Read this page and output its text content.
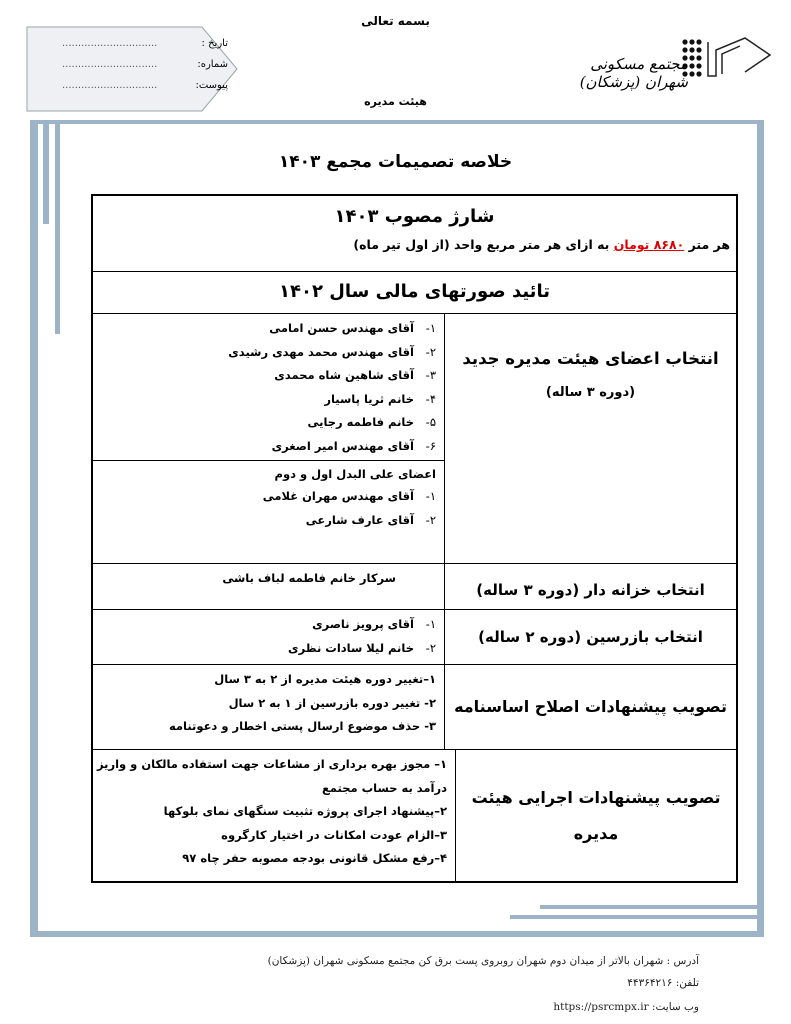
بسمه تعالی
هیئت مدیره
تاریخ :
..............................
شماره:
..............................
پیوست:
..............................
مجتمع مسکونی شهران (پزشکان)
خلاصه تصمیمات مجمع ۱۴۰۳
شارژ مصوب ۱۴۰۳
هر متر ۸۶۸۰ تومان به ازای هر متر مربع واحد (از اول تیر ماه)
تائید صورتهای مالی سال ۱۴۰۲
انتخاب اعضای هیئت مدیره جدید
(دوره ۳ ساله)
۱-آقای مهندس حسن امامی
۲-آقای مهندس محمد مهدی رشیدی
۳-آقای شاهین شاه محمدی
۴-خانم ثریا پاسیار
۵-خانم فاطمه رجایی
۶-آقای مهندس امیر اصغری
اعضای علی البدل اول و دوم
۱-آقای مهندس مهران غلامی
۲-آقای عارف شارعی
انتخاب خزانه دار (دوره ۳ ساله)
سرکار خانم فاطمه لباف باشی
انتخاب بازرسین (دوره ۲ ساله)
۱-آقای پرویز ناصری
۲-خانم لیلا سادات نظری
تصویب پیشنهادات اصلاح اساسنامه
۱–تغییر دوره هیئت مدیره از ۲ به ۳ سال
۲- تغییر دوره بازرسین از ۱ به ۲ سال
۳- حذف موضوع ارسال پستی اخطار و دعوتنامه
تصویب پیشنهادات اجرایی هیئت
مدیره
۱– مجوز بهره برداری از مشاعات جهت استفاده مالکان و واریز
درآمد به حساب مجتمع
۲–پیشنهاد اجرای پروژه تثبیت سنگهای نمای بلوکها
۳–الزام عودت امکانات در اختیار کارگروه
۴–رفع مشکل قانونی بودجه مصوبه حفر چاه ۹۷
آدرس : شهران بالاتر از میدان دوم شهران روبروی پست برق کن مجتمع مسکونی شهران (پزشکان)
تلفن: ۴۴۳۶۴۲۱۶
وب سایت: https://psrcmpx.ir
